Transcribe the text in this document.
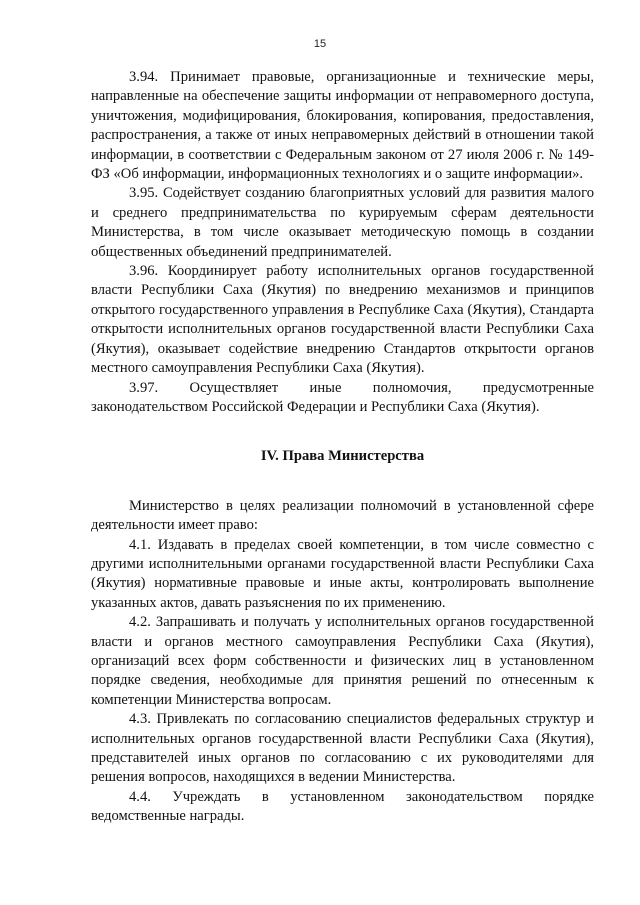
15

3.94. Принимает правовые, организационные и технические меры, направленные на обеспечение защиты информации от неправомерного доступа, уничтожения, модифицирования, блокирования, копирования, предоставления, распространения, а также от иных неправомерных действий в отношении такой информации, в соответствии с Федеральным законом от 27 июля 2006 г. № 149-ФЗ «Об информации, информационных технологиях и о защите информации».

3.95. Содействует созданию благоприятных условий для развития малого и среднего предпринимательства по курируемым сферам деятельности Министерства, в том числе оказывает методическую помощь в создании общественных объединений предпринимателей.

3.96. Координирует работу исполнительных органов государственной власти Республики Саха (Якутия) по внедрению механизмов и принципов открытого государственного управления в Республике Саха (Якутия), Стандарта открытости исполнительных органов государственной власти Республики Саха (Якутия), оказывает содействие внедрению Стандартов открытости органов местного самоуправления Республики Саха (Якутия).

3.97. Осуществляет иные полномочия, предусмотренные законодательством Российской Федерации и Республики Саха (Якутия).

IV. Права Министерства

Министерство в целях реализации полномочий в установленной сфере деятельности имеет право:

4.1. Издавать в пределах своей компетенции, в том числе совместно с другими исполнительными органами государственной власти Республики Саха (Якутия) нормативные правовые и иные акты, контролировать выполнение указанных актов, давать разъяснения по их применению.

4.2. Запрашивать и получать у исполнительных органов государственной власти и органов местного самоуправления Республики Саха (Якутия), организаций всех форм собственности и физических лиц в установленном порядке сведения, необходимые для принятия решений по отнесенным к компетенции Министерства вопросам.

4.3. Привлекать по согласованию специалистов федеральных структур и исполнительных органов государственной власти Республики Саха (Якутия), представителей иных органов по согласованию с их руководителями для решения вопросов, находящихся в ведении Министерства.

4.4. Учреждать в установленном законодательством порядке ведомственные награды.
